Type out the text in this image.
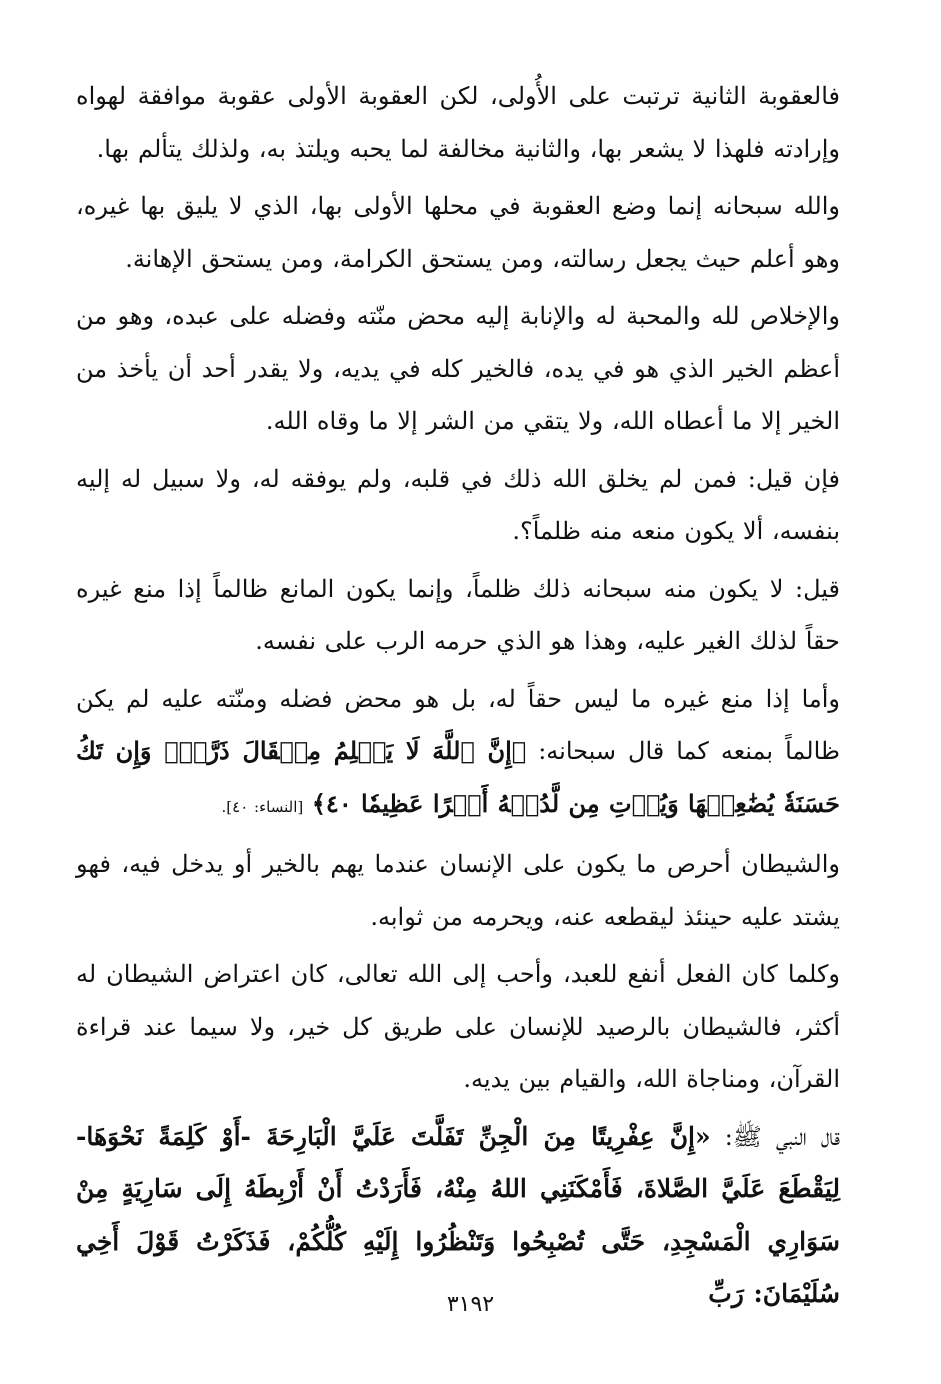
فالعقوبة الثانية ترتبت على الأُولى، لكن العقوبة الأولى عقوبة موافقة لهواه وإرادته فلهذا لا يشعر بها، والثانية مخالفة لما يحبه ويلتذ به، ولذلك يتألم بها.

والله سبحانه إنما وضع العقوبة في محلها الأولى بها، الذي لا يليق بها غيره، وهو أعلم حيث يجعل رسالته، ومن يستحق الكرامة، ومن يستحق الإهانة.

والإخلاص لله والمحبة له والإنابة إليه محض منّته وفضله على عبده، وهو من أعظم الخير الذي هو في يده، فالخير كله في يديه، ولا يقدر أحد أن يأخذ من الخير إلا ما أعطاه الله، ولا يتقي من الشر إلا ما وقاه الله.

فإن قيل: فمن لم يخلق الله ذلك في قلبه، ولم يوفقه له، ولا سبيل له إليه بنفسه، ألا يكون منعه منه ظلماً؟.

قيل: لا يكون منه سبحانه ذلك ظلماً، وإنما يكون المانع ظالماً إذا منع غيره حقاً لذلك الغير عليه، وهذا هو الذي حرمه الرب على نفسه.

وأما إذا منع غيره ما ليس حقاً له، بل هو محض فضله ومنّته عليه لم يكن ظالماً بمنعه كما قال سبحانه: ﴿إِنَّ ٱللَّهَ لَا يَظۡلِمُ مِثۡقَالَ ذَرَّةٖۖ وَإِن تَكُ حَسَنَةٗ يُضَٰعِفۡهَا وَيُؤۡتِ مِن لَّدُنۡهُ أَجۡرًا عَظِيمٗا ٤٠﴾ [النساء: ٤٠].

والشيطان أحرص ما يكون على الإنسان عندما يهم بالخير أو يدخل فيه، فهو يشتد عليه حينئذ ليقطعه عنه، ويحرمه من ثوابه.

وكلما كان الفعل أنفع للعبد، وأحب إلى الله تعالى، كان اعتراض الشيطان له أكثر، فالشيطان بالرصيد للإنسان على طريق كل خير، ولا سيما عند قراءة القرآن، ومناجاة الله، والقيام بين يديه.

قال النبي ﷺ: «إِنَّ عِفْرِيتًا مِنَ الْجِنِّ تَفَلَّتَ عَلَيَّ الْبَارِحَةَ -أَوْ كَلِمَةً نَحْوَهَا- لِيَقْطَعَ عَلَيَّ الصَّلاةَ، فَأَمْكَنَنِي اللهُ مِنْهُ، فَأَرَدْتُ أَنْ أَرْبِطَهُ إِلَى سَارِيَةٍ مِنْ سَوَارِي الْمَسْجِدِ، حَتَّى تُصْبِحُوا وَتَنْظُرُوا إِلَيْهِ كُلُّكُمْ، فَذَكَرْتُ قَوْلَ أَخِي سُلَيْمَانَ: رَبِّ

٣١٩٢
